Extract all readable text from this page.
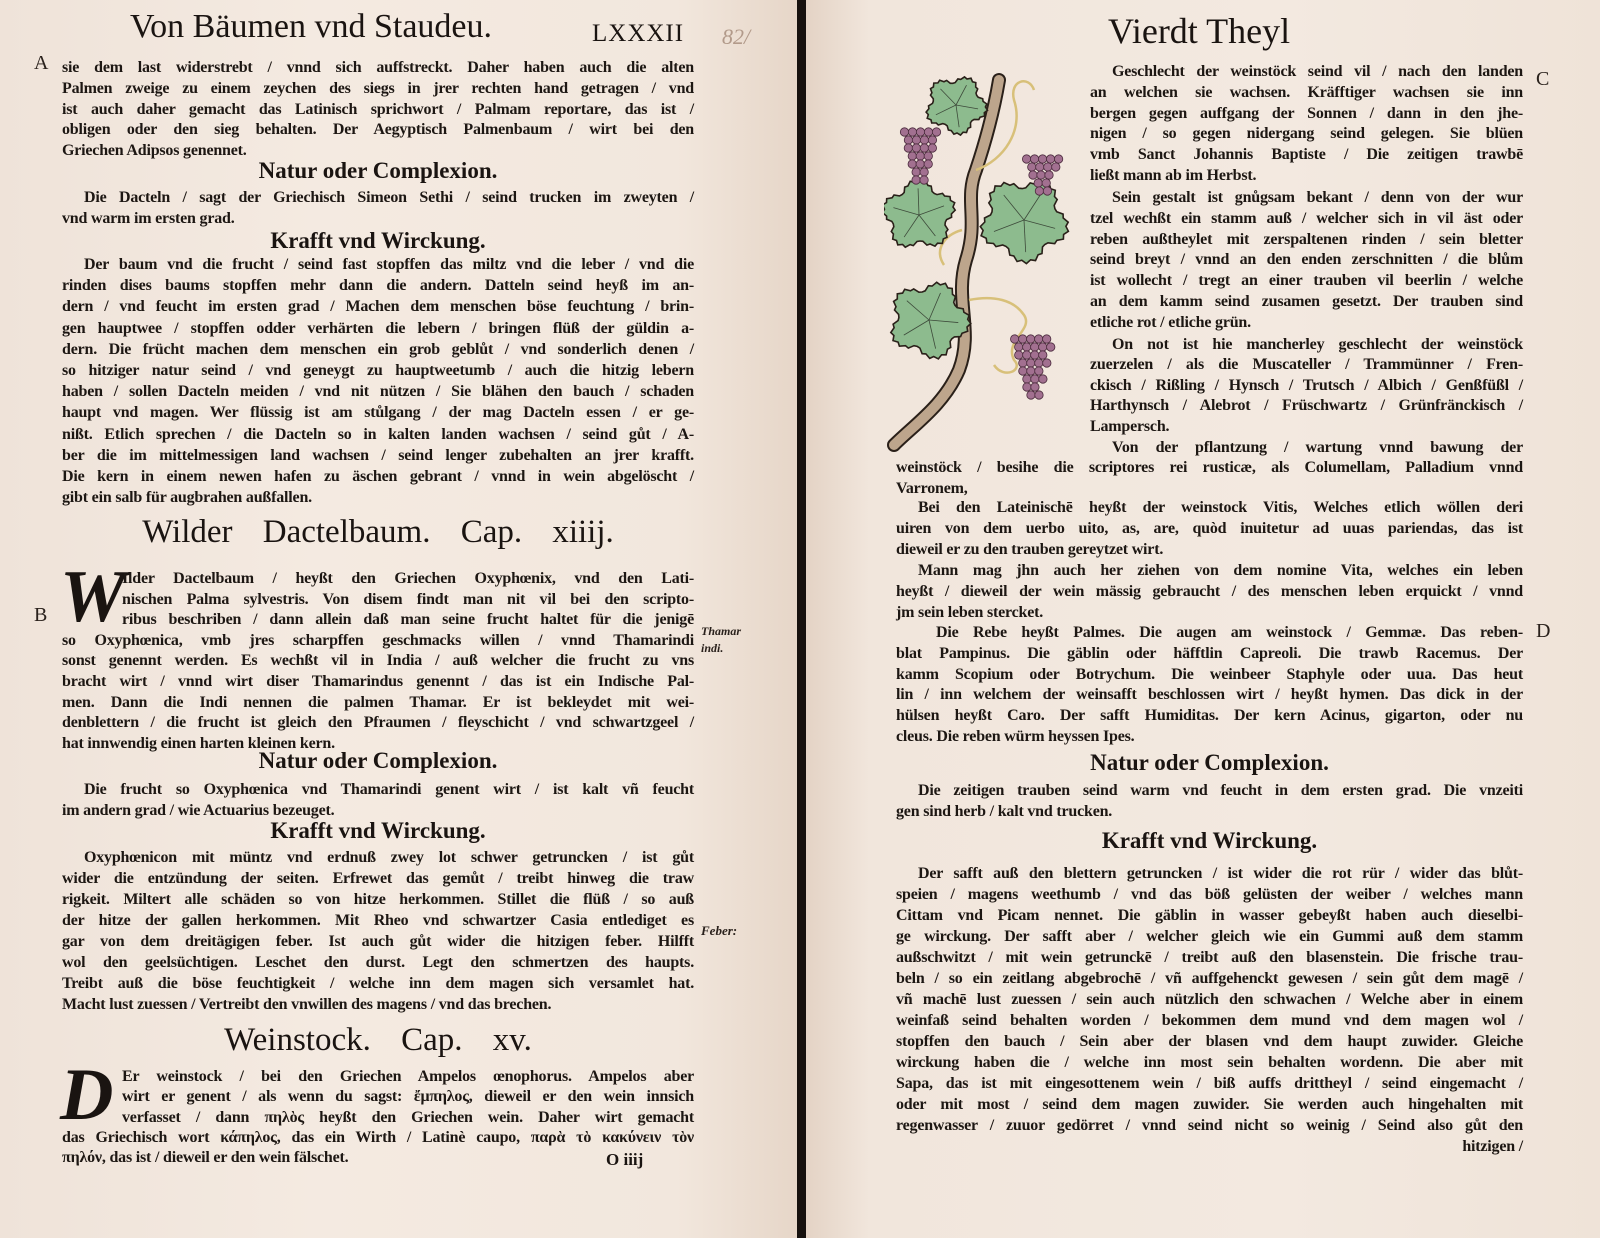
Von Bäumen vnd Staudeu.	LXXXII 82/
A
B
Thamar
indi.
Feber:
O iiij
sie dem last widerstrebt / vnnd sich auffstreckt. Daher haben auch die alten
Palmen zweige zu einem zeychen des siegs in jrer rechten hand getragen / vnd
ist auch daher gemacht das Latinisch sprichwort / Palmam reportare, das ist /
obligen oder den sieg behalten. Der Aegyptisch Palmenbaum / wirt bei den
Griechen Adipsos genennet.
Natur oder Complexion.
Die Dacteln / sagt der Griechisch Simeon Sethi / seind trucken im zweyten /
vnd warm im ersten grad.
Krafft vnd Wirckung.
Der baum vnd die frucht / seind fast stopffen das miltz vnd die leber / vnd die
rinden dises baums stopffen mehr dann die andern. Datteln seind heyß im an-
dern / vnd feucht im ersten grad / Machen dem menschen böse feuchtung / brin-
gen hauptwee / stopffen odder verhärten die lebern / bringen flüß der güldin a-
dern. Die frücht machen dem menschen ein grob geblůt / vnd sonderlich denen /
so hitziger natur seind / vnd geneygt zu hauptweetumb / auch die hitzig lebern
haben / sollen Dacteln meiden / vnd nit nützen / Sie blähen den bauch / schaden
haupt vnd magen. Wer flüssig ist am stůlgang / der mag Dacteln essen / er ge-
nißt. Etlich sprechen / die Dacteln so in kalten landen wachsen / seind gůt / A-
ber die im mittelmessigen land wachsen / seind lenger zubehalten an jrer krafft.
Die kern in einem newen hafen zu äschen gebrant / vnnd in wein abgelöscht /
gibt ein salb für augbrahen außfallen.
Wilder Dactelbaum. Cap. xiiij.
W
Ilder Dactelbaum / heyßt den Griechen Oxyphœnix, vnd den Lati-
nischen Palma sylvestris. Von disem findt man nit vil bei den scripto-
ribus beschriben / dann allein daß man seine frucht haltet für die jenigē
so Oxyphœnica, vmb jres scharpffen geschmacks willen / vnnd Thamarindi
sonst genennt werden. Es wechßt vil in India / auß welcher die frucht zu vns
bracht wirt / vnnd wirt diser Thamarindus genennt / das ist ein Indische Pal-
men. Dann die Indi nennen die palmen Thamar. Er ist bekleydet mit wei-
denblettern / die frucht ist gleich den Pfraumen / fleyschicht / vnd schwartzgeel /
hat innwendig einen harten kleinen kern.
Natur oder Complexion.
Die frucht so Oxyphœnica vnd Thamarindi genent wirt / ist kalt vñ feucht
im andern grad / wie Actuarius bezeuget.
Krafft vnd Wirckung.
Oxyphœnicon mit müntz vnd erdnuß zwey lot schwer getruncken / ist gůt
wider die entzündung der seiten. Erfrewet das gemůt / treibt hinweg die traw
rigkeit. Miltert alle schäden so von hitze herkommen. Stillet die flüß / so auß
der hitze der gallen herkommen. Mit Rheo vnd schwartzer Casia entlediget es
gar von dem dreitägigen feber. Ist auch gůt wider die hitzigen feber. Hilfft
wol den geelsüchtigen. Leschet den durst. Legt den schmertzen des haupts.
Treibt auß die böse feuchtigkeit / welche inn dem magen sich versamlet hat.
Macht lust zuessen / Vertreibt den vnwillen des magens / vnd das brechen.
Weinstock. Cap. xv.
D Er weinstock / bei den Griechen Ampelos œnophorus. Ampelos aber
wirt er genent / als wenn du sagst: ἔμπηλος, dieweil er den wein innsich
verfasset / dann πηλὸς heyßt den Griechen wein. Daher wirt gemacht
das Griechisch wort κάπηλος, das ein Wirth / Latinè caupo, παρὰ τὸ κακύνειν τὸν
πηλόν, das ist / dieweil er den wein fälschet.
Vierdt Theyl
C
D
Geschlecht der weinstöck seind vil / nach den landen
an welchen sie wachsen. Kräfftiger wachsen sie inn
bergen gegen auffgang der Sonnen / dann in den jhe-
nigen / so gegen nidergang seind gelegen. Sie blüen
vmb Sanct Johannis Baptiste / Die zeitigen trawbē
ließt mann ab im Herbst.
Sein gestalt ist gnůgsam bekant / denn von der wur
tzel wechßt ein stamm auß / welcher sich in vil äst oder
reben außtheylet mit zerspaltenen rinden / sein bletter
seind breyt / vnnd an den enden zerschnitten / die blům
ist wollecht / tregt an einer trauben vil beerlin / welche
an dem kamm seind zusamen gesetzt. Der trauben sind
etliche rot / etliche grün.
On not ist hie mancherley geschlecht der weinstöck
zuerzelen / als die Muscateller / Trammünner / Fren-
ckisch / Rißling / Hynsch / Trutsch / Albich / Genßfüßl /
Harthynsch / Alebrot / Früschwartz / Grünfränckisch /
Lampersch.
Von der pflantzung / wartung vnnd bawung der
weinstöck / besihe die scriptores rei rusticæ, als Columellam, Palladium vnnd
Varronem,
Bei den Lateinischē heyßt der weinstock Vitis, Welches etlich wöllen deri
uiren von dem uerbo uito, as, are, quòd inuitetur ad uuas pariendas, das ist
dieweil er zu den trauben gereytzet wirt.
Mann mag jhn auch her ziehen von dem nomine Vita, welches ein leben
heyßt / dieweil der wein mässig gebraucht / des menschen leben erquickt / vnnd
jm sein leben stercket.
Die Rebe heyßt Palmes. Die augen am weinstock / Gemmæ. Das reben-
blat Pampinus. Die gäblin oder häfftlin Capreoli. Die trawb Racemus. Der
kamm Scopium oder Botrychum. Die weinbeer Staphyle oder uua. Das heut
lin / inn welchem der weinsafft beschlossen wirt / heyßt hymen. Das dick in der
hülsen heyßt Caro. Der safft Humiditas. Der kern Acinus, gigarton, oder nu
cleus. Die reben würm heyssen Ipes.
Natur oder Complexion.
Die zeitigen trauben seind warm vnd feucht in dem ersten grad. Die vnzeiti
gen sind herb / kalt vnd trucken.
Krafft vnd Wirckung.
Der safft auß den blettern getruncken / ist wider die rot rür / wider das blůt-
speien / magens weethumb / vnd das böß gelüsten der weiber / welches mann
Cittam vnd Picam nennet. Die gäblin in wasser gebeyßt haben auch dieselbi-
ge wirckung. Der safft aber / welcher gleich wie ein Gummi auß dem stamm
außschwitzt / mit wein getrunckē / treibt auß den blasenstein. Die frische trau-
beln / so ein zeitlang abgebrochē / vñ auffgehenckt gewesen / sein gůt dem magē /
vñ machē lust zuessen / sein auch nützlich den schwachen / Welche aber in einem
weinfaß seind behalten worden / bekommen dem mund vnd dem magen wol /
stopffen den bauch / Sein aber der blasen vnd dem haupt zuwider. Gleiche
wirckung haben die / welche inn most sein behalten wordenn. Die aber mit
Sapa, das ist mit eingesottenem wein / biß auffs drittheyl / seind eingemacht /
oder mit most / seind dem magen zuwider. Sie werden auch hingehalten mit
regenwasser / zuuor gedörret / vnnd seind nicht so weinig / Seind also gůt den
hitzigen /
